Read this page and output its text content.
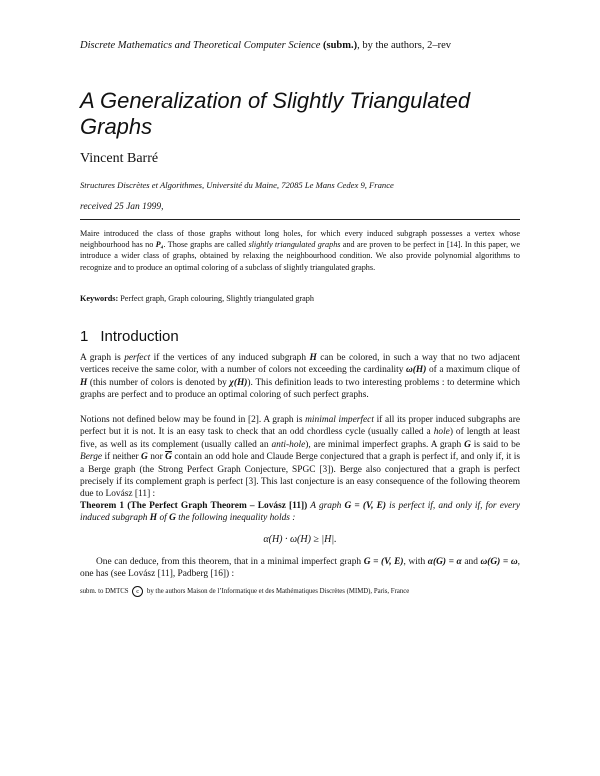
Discrete Mathematics and Theoretical Computer Science (subm.), by the authors, 2–rev
A Generalization of Slightly Triangulated Graphs
Vincent Barré
Structures Discrètes et Algorithmes, Université du Maine, 72085 Le Mans Cedex 9, France
received 25 Jan 1999,

Maire introduced the class of those graphs without long holes, for which every induced subgraph possesses a vertex whose neighbourhood has no P₄. Those graphs are called slightly triangulated graphs and are proven to be perfect in [14]. In this paper, we introduce a wider class of graphs, obtained by relaxing the neighbourhood condition. We also provide polynomial algorithms to recognize and to produce an optimal coloring of a subclass of slightly triangulated graphs.

Keywords: Perfect graph, Graph colouring, Slightly triangulated graph
1 Introduction

A graph is perfect if the vertices of any induced subgraph H can be colored, in such a way that no two adjacent vertices receive the same color, with a number of colors not exceeding the cardinality ω(H) of a maximum clique of H (this number of colors is denoted by χ(H)). This definition leads to two interesting problems : to determine which graphs are perfect and to produce an optimal coloring of such perfect graphs.

Notions not defined below may be found in [2]. A graph is minimal imperfect if all its proper induced subgraphs are perfect but it is not. It is an easy task to check that an odd chordless cycle (usually called a hole) of length at least five, as well as its complement (usually called an anti-hole), are minimal imperfect graphs. A graph G is said to be Berge if neither G nor $\overline{G}$ contain an odd hole and Claude Berge conjectured that a graph is perfect if, and only if, it is a Berge graph (the Strong Perfect Graph Conjecture, SPGC [3]). Berge also conjectured that a graph is perfect precisely if its complement graph is perfect [3]. This last conjecture is an easy consequence of the following theorem due to Lovász [11] :

Theorem 1 (The Perfect Graph Theorem – Lovász [11]) A graph G = (V, E) is perfect if, and only if, for every induced subgraph H of G the following inequality holds :

α(H) · ω(H) ≥ |H|.

One can deduce, from this theorem, that in a minimal imperfect graph G = (V, E), with α(G) = α and ω(G) = ω, one has (see Lovász [11], Padberg [16]) :

subm. to DMTCS c by the authors Maison de l’Informatique et des Mathématiques Discrètes (MIMD), Paris, France
